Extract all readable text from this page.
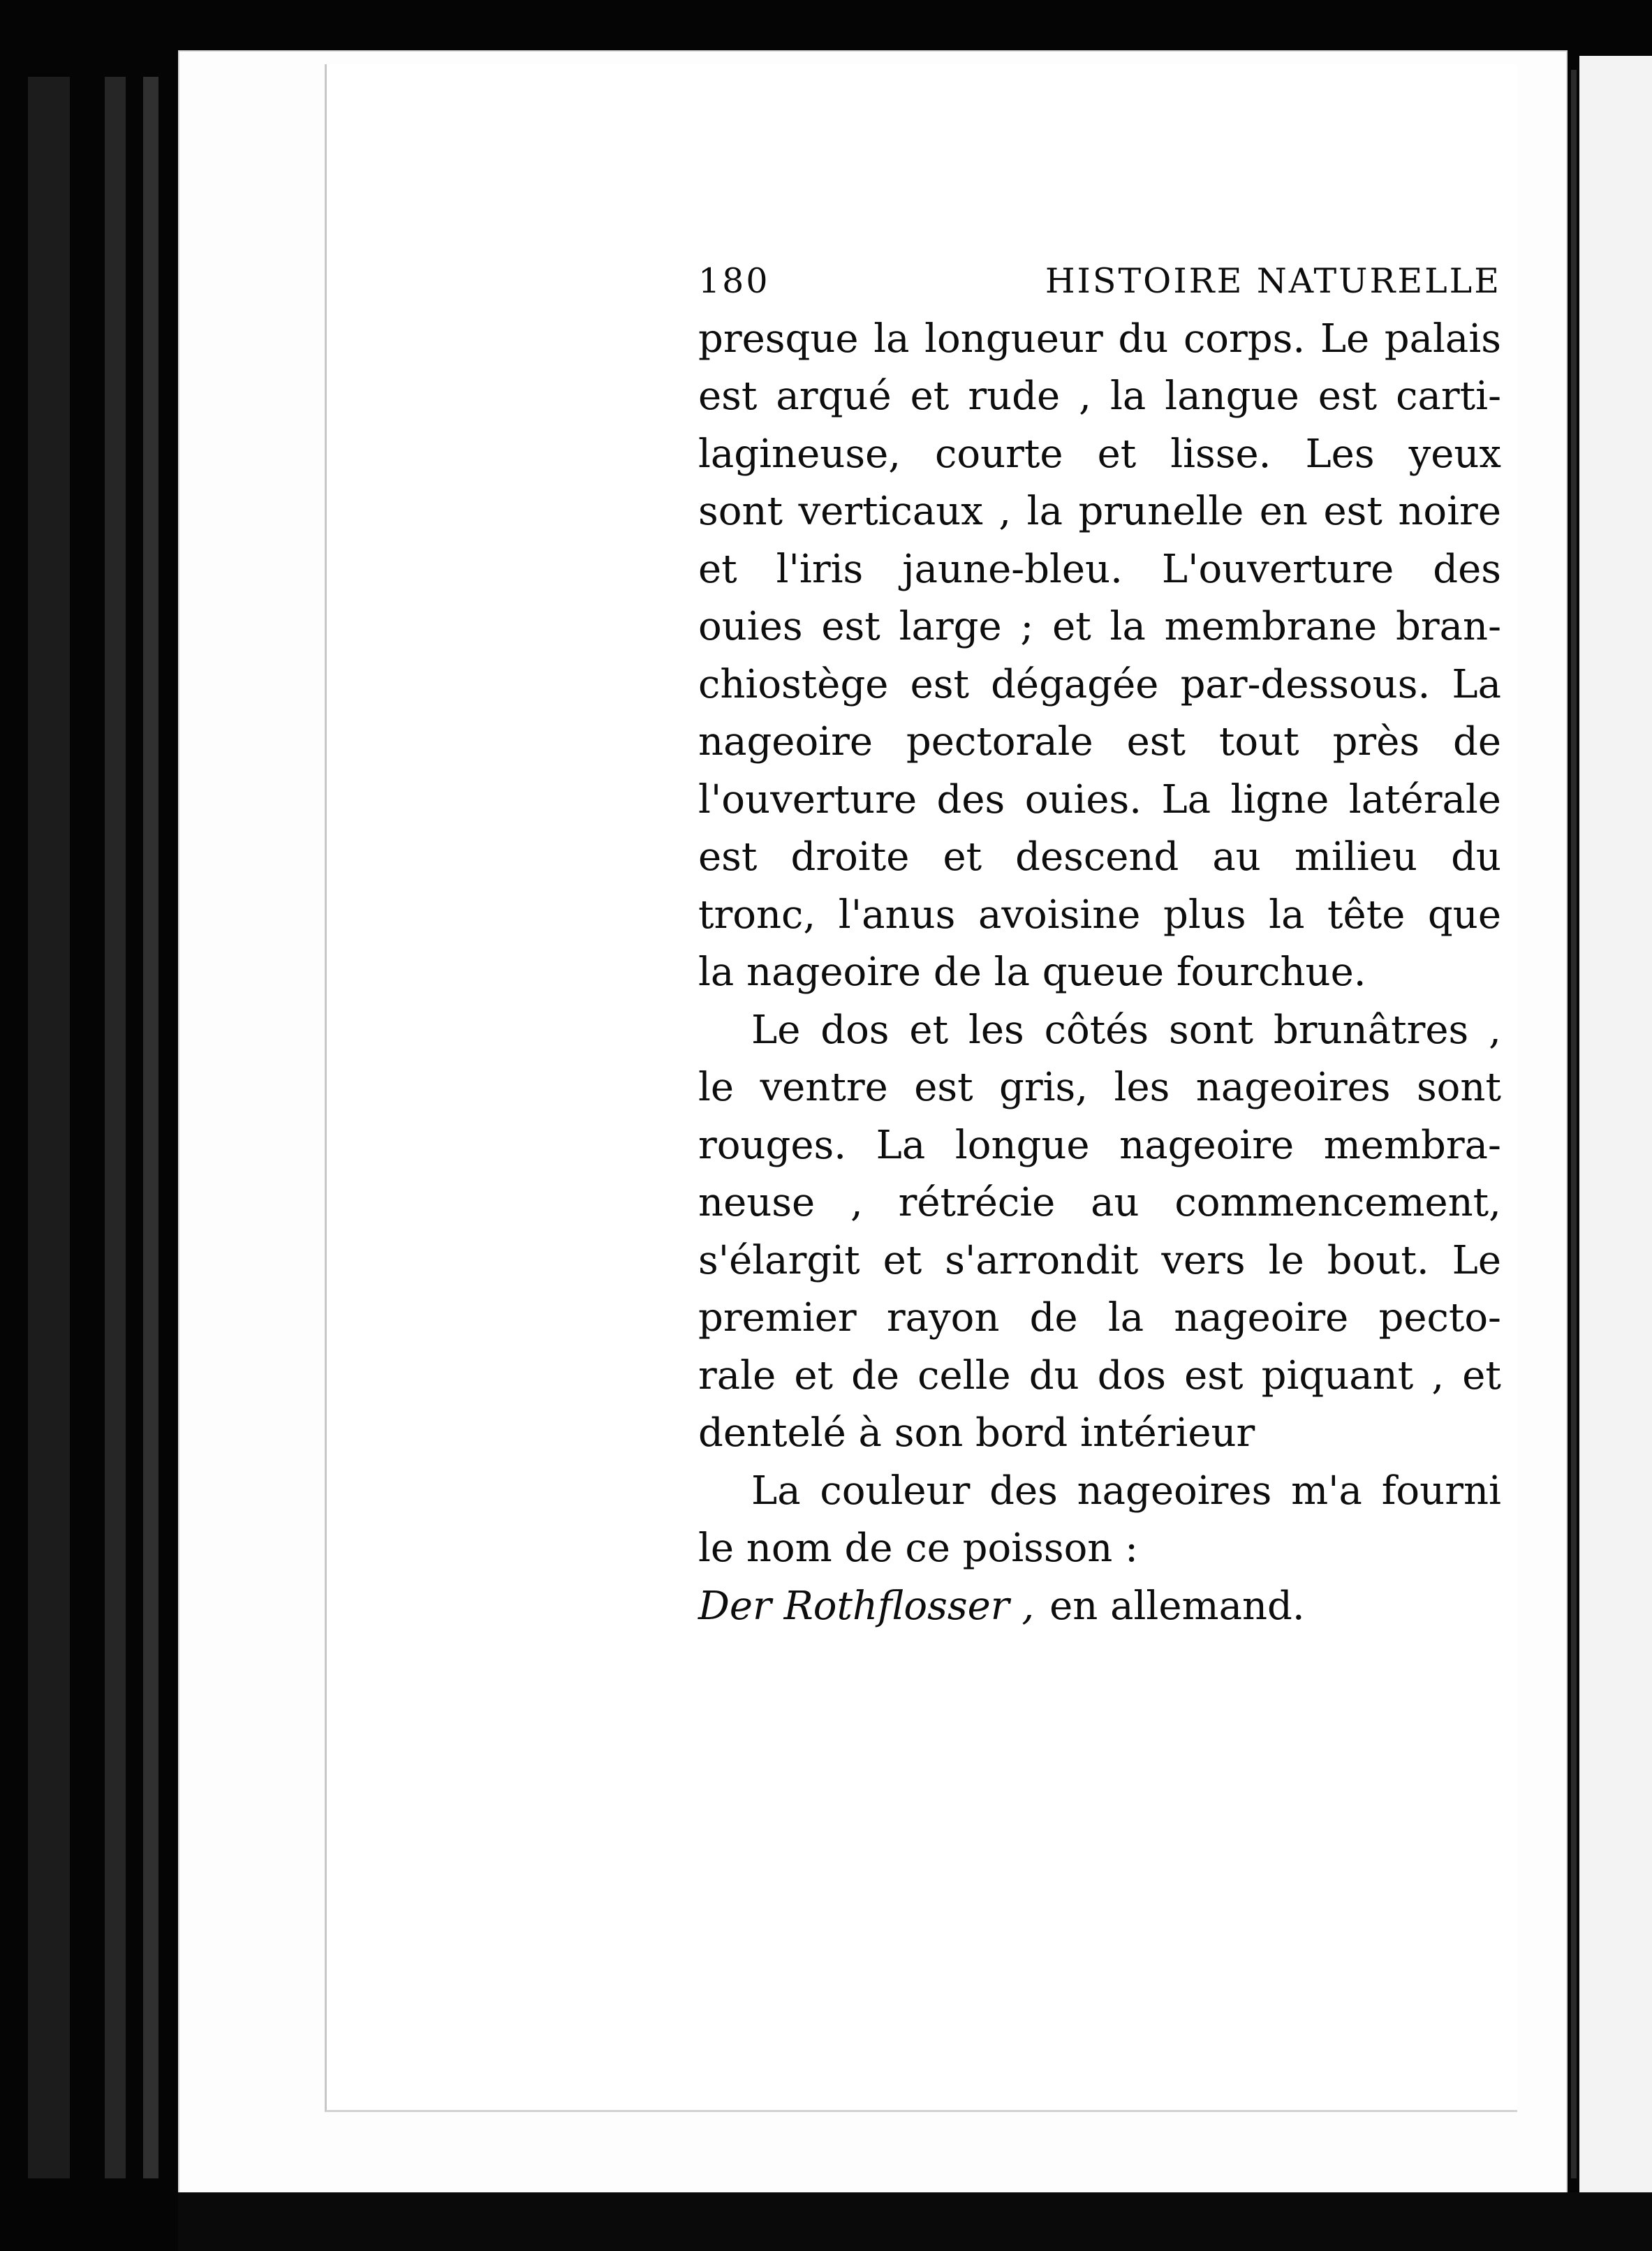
180	HISTOIRE NATURELLE
presque la longueur du corps. Le palais
est arqué et rude , la langue est carti-
lagineuse, courte et lisse. Les yeux
sont verticaux , la prunelle en est noire
et l'iris jaune-bleu. L'ouverture des
ouies est large ; et la membrane bran-
chiostège est dégagée par-dessous. La
nageoire pectorale est tout près de
l'ouverture des ouies. La ligne latérale
est droite et descend au milieu du
tronc, l'anus avoisine plus la tête que
la nageoire de la queue fourchue.
Le dos et les côtés sont brunâtres ,
le ventre est gris, les nageoires sont
rouges. La longue nageoire membra-
neuse , rétrécie au commencement,
s'élargit et s'arrondit vers le bout. Le
premier rayon de la nageoire pecto-
rale et de celle du dos est piquant , et
dentelé à son bord intérieur
La couleur des nageoires m'a fourni
le nom de ce poisson :
Der Rothflosser , en allemand.
